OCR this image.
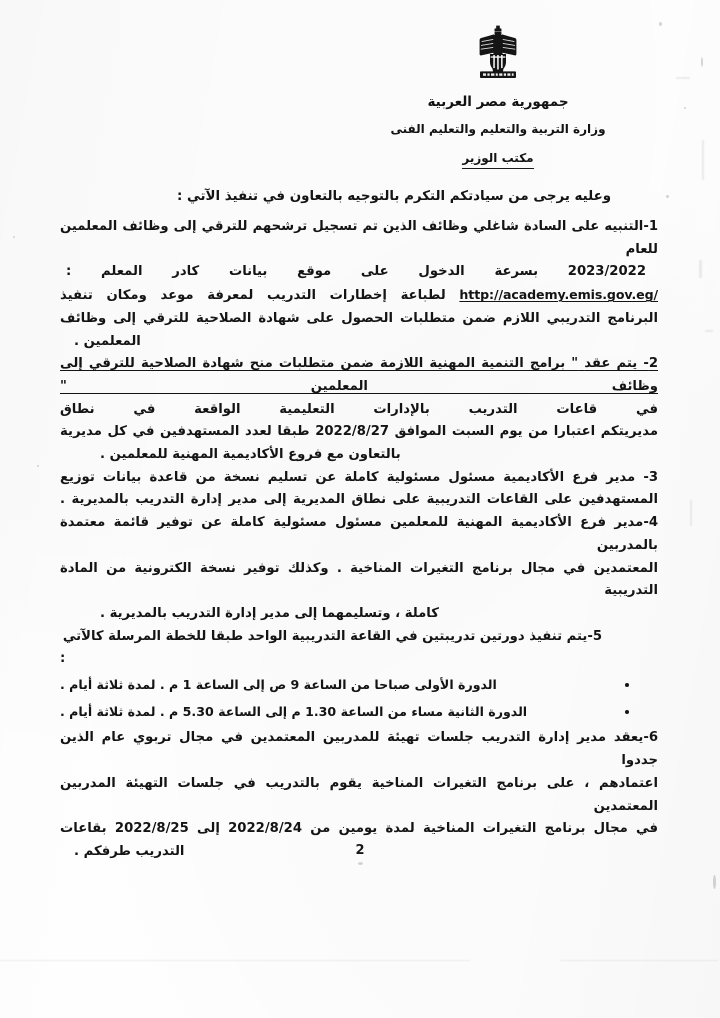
جمهورية مصر العربية
وزارة التربية والتعليم والتعليم الفنى
مكتب الوزير

وعليه يرجى من سيادتكم التكرم بالتوجيه بالتعاون في تنفيذ الآتي :

1-التنبيه على السادة شاغلي وظائف الذين تم تسجيل ترشحهم للترقي إلى وظائف المعلمين للعام
2023/2022 بسرعة الدخول على موقع بيانات كادر المعلم :
http://academy.emis.gov.eg/ لطباعة إخطارات التدريب لمعرفة موعد ومكان تنفيذ
البرنامج التدريبي اللازم ضمن متطلبات الحصول على شهادة الصلاحية للترقي إلى وظائف
المعلمين .
2- يتم عقد " برامج التنمية المهنية اللازمة ضمن متطلبات منح شهادة الصلاحية للترقي إلى وظائف المعلمين "
في قاعات التدريب بالإدارات التعليمية الواقعة في نطاق
مديريتكم اعتبارا من يوم السبت الموافق 2022/8/27 طبقا لعدد المستهدفين في كل مديرية
بالتعاون مع فروع الأكاديمية المهنية للمعلمين .
3- مدير فرع الأكاديمية مسئول مسئولية كاملة عن تسليم نسخة من قاعدة بيانات توزيع
المستهدفين على القاعات التدريبية على نطاق المديرية إلى مدير إدارة التدريب بالمديرية .
4-مدير فرع الأكاديمية المهنية للمعلمين مسئول مسئولية كاملة عن توفير قائمة معتمدة بالمدربين
المعتمدين في مجال برنامج التغيرات المناخية . وكذلك توفير نسخة الكترونية من المادة التدريبية
كاملة ، وتسليمهما إلى مدير إدارة التدريب بالمديرية .
5-يتم تنفيذ دورتين تدريبتين في القاعة التدريبية الواحد طبقا للخطة المرسلة كالآتي :
الدورة الأولى صباحا من الساعة 9 ص إلى الساعة 1 م . لمدة ثلاثة أيام .
الدورة الثانية مساء من الساعة 1.30 م إلى الساعة 5.30 م . لمدة ثلاثة أيام .
6-يعقد مدير إدارة التدريب جلسات تهيئة للمدربين المعتمدين في مجال تربوي عام الذين جددوا
اعتمادهم ، على برنامج التغيرات المناخية يقوم بالتدريب في جلسات التهيئة المدربين المعتمدين
في مجال برنامج التغيرات المناخية لمدة يومين من 2022/8/24 إلى 2022/8/25 بقاعات
التدريب طرفكم .	2
